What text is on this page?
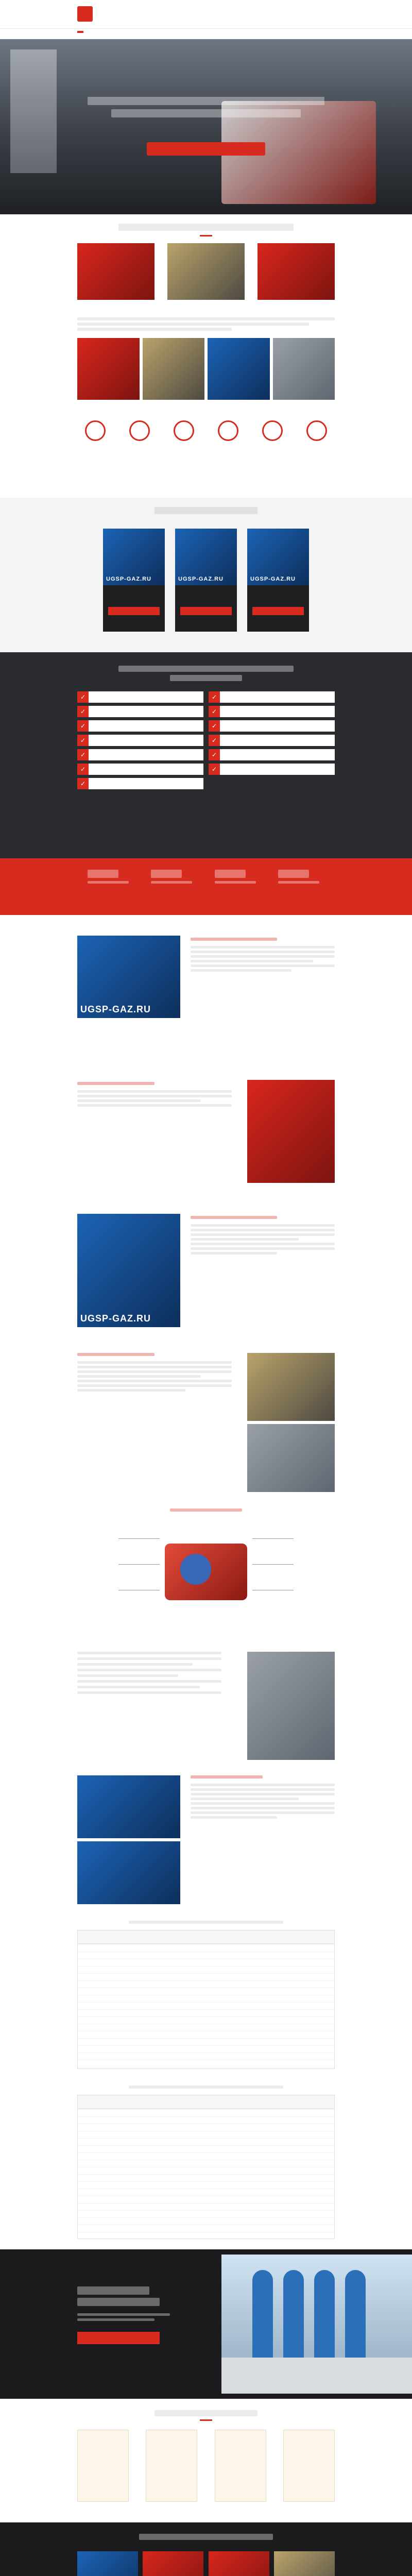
UGSP-GAZ.RU	UGSP-GAZ.RU	UGSP-GAZ.RU
✓	✓
✓	✓
✓	✓
✓	✓
✓	✓
✓	✓
✓
UGSP-GAZ.RU
UGSP-GAZ.RU
